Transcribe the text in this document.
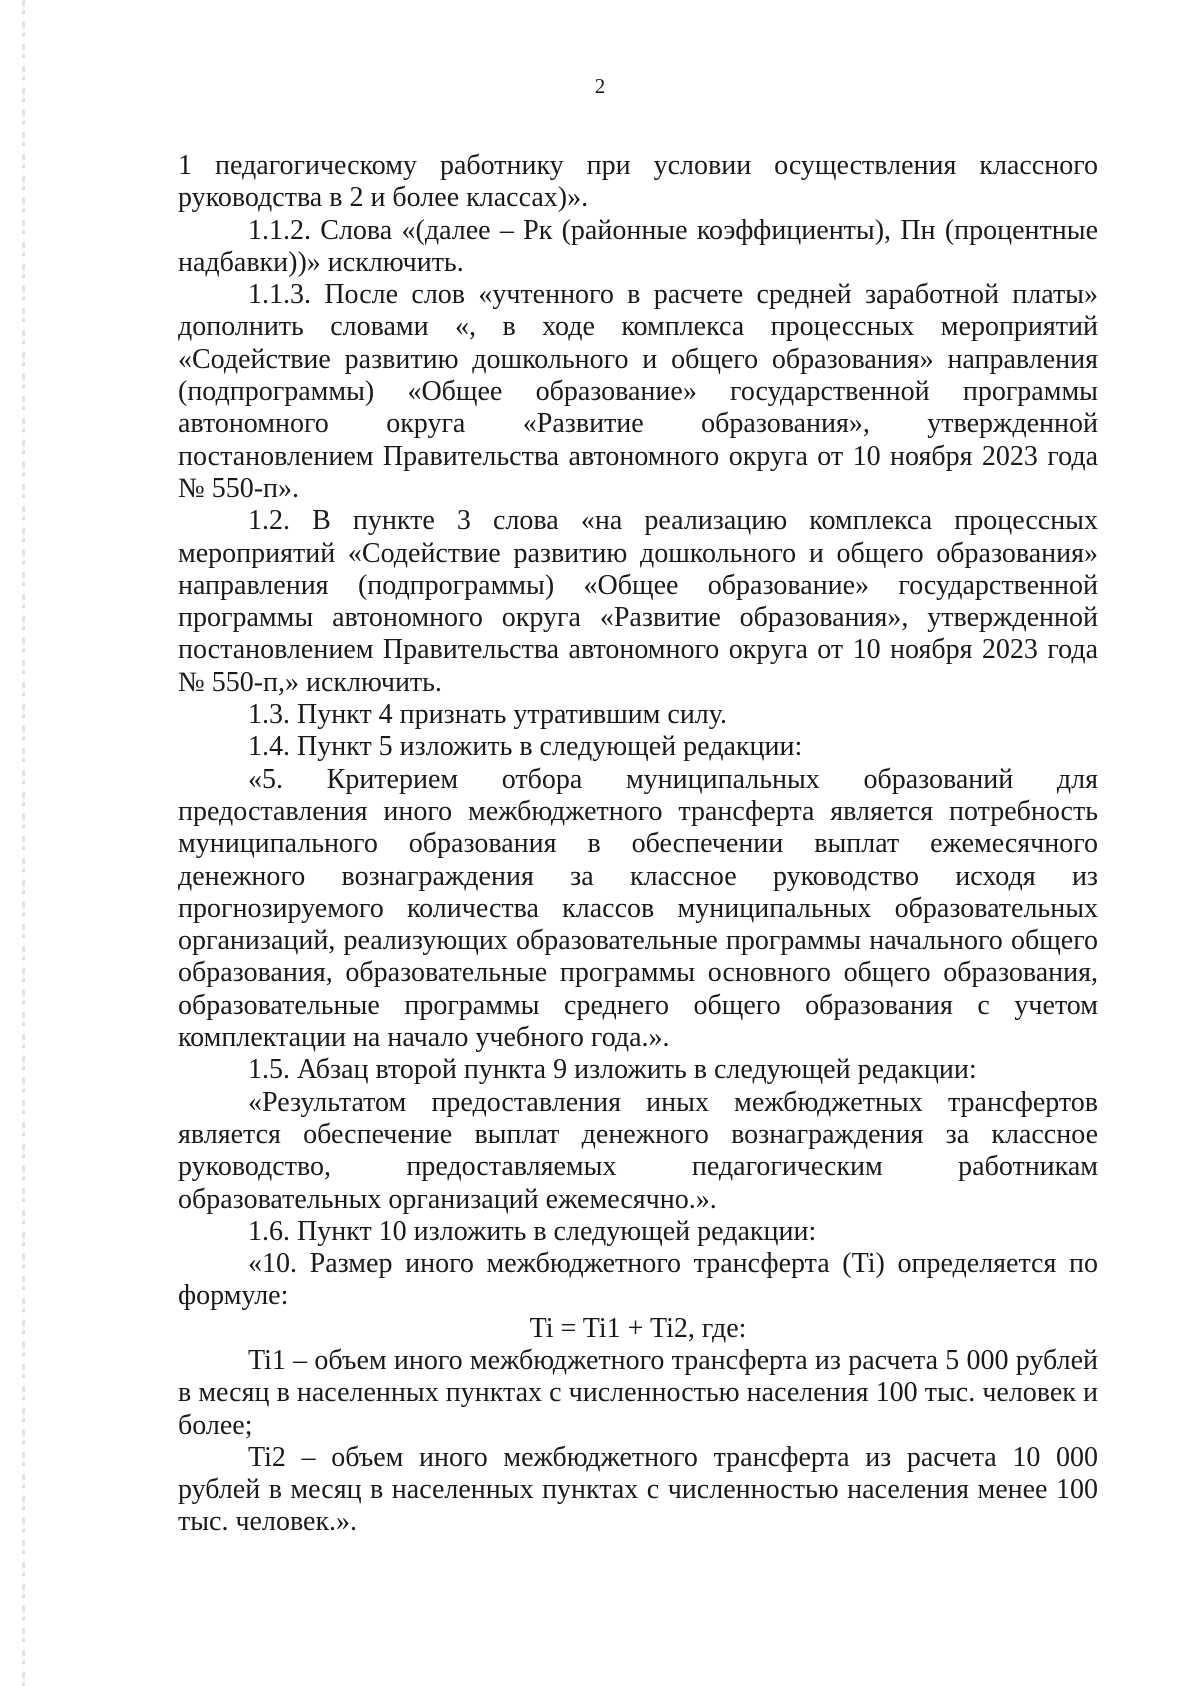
2

1 педагогическому работнику при условии осуществления классного руководства в 2 и более классах)».

1.1.2. Слова «(далее – Рк (районные коэффициенты), Пн (процентные надбавки))» исключить.

1.1.3. После слов «учтенного в расчете средней заработной платы» дополнить словами «, в ходе комплекса процессных мероприятий «Содействие развитию дошкольного и общего образования» направления (подпрограммы) «Общее образование» государственной программы автономного округа «Развитие образования», утвержденной постановлением Правительства автономного округа от 10 ноября 2023 года № 550-п».

1.2. В пункте 3 слова «на реализацию комплекса процессных мероприятий «Содействие развитию дошкольного и общего образования» направления (подпрограммы) «Общее образование» государственной программы автономного округа «Развитие образования», утвержденной постановлением Правительства автономного округа от 10 ноября 2023 года № 550-п,» исключить.

1.3. Пункт 4 признать утратившим силу.

1.4. Пункт 5 изложить в следующей редакции:

«5. Критерием отбора муниципальных образований для предоставления иного межбюджетного трансферта является потребность муниципального образования в обеспечении выплат ежемесячного денежного вознаграждения за классное руководство исходя из прогнозируемого количества классов муниципальных образовательных организаций, реализующих образовательные программы начального общего образования, образовательные программы основного общего образования, образовательные программы среднего общего образования с учетом комплектации на начало учебного года.».

1.5. Абзац второй пункта 9 изложить в следующей редакции:

«Результатом предоставления иных межбюджетных трансфертов является обеспечение выплат денежного вознаграждения за классное руководство, предоставляемых педагогическим работникам образовательных организаций ежемесячно.».

1.6. Пункт 10 изложить в следующей редакции:

«10. Размер иного межбюджетного трансферта (Ti) определяется по формуле:

Ti = Ti1 + Ti2, где:

Ti1 – объем иного межбюджетного трансферта из расчета 5 000 рублей в месяц в населенных пунктах с численностью населения 100 тыс. человек и более;

Ti2 – объем иного межбюджетного трансферта из расчета 10 000 рублей в месяц в населенных пунктах с численностью населения менее 100 тыс. человек.».
